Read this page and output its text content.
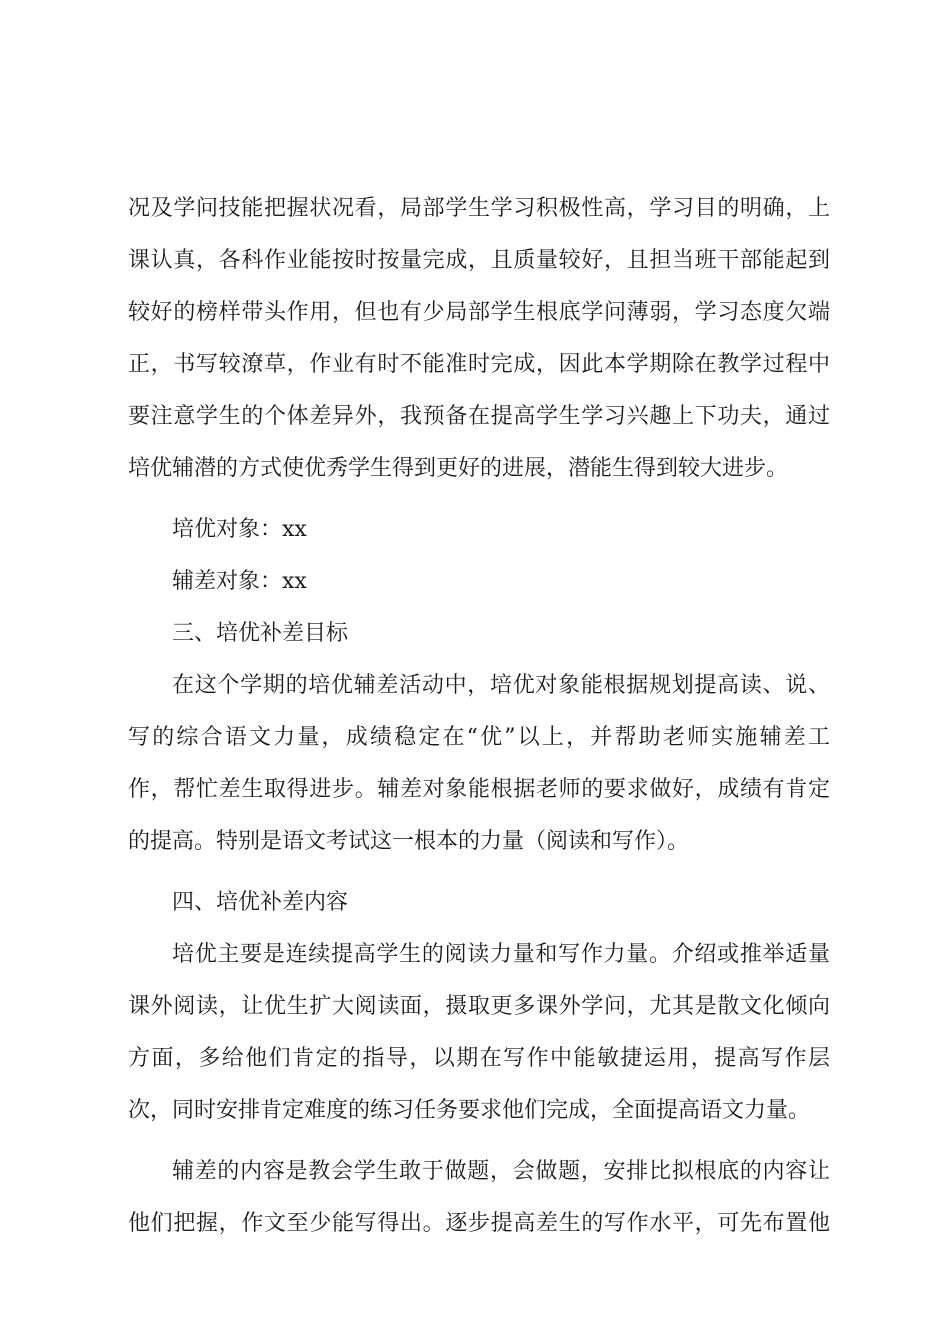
况及学问技能把握状况看，局部学生学习积极性高，学习目的明确，上
课认真，各科作业能按时按量完成，且质量较好，且担当班干部能起到
较好的榜样带头作用，但也有少局部学生根底学问薄弱，学习态度欠端
正，书写较潦草，作业有时不能准时完成，因此本学期除在教学过程中
要注意学生的个体差异外，我预备在提高学生学习兴趣上下功夫，通过
培优辅潜的方式使优秀学生得到更好的进展，潜能生得到较大进步。
培优对象：xx
辅差对象：xx
三、培优补差目标
在这个学期的培优辅差活动中，培优对象能根据规划提高读、说、
写的综合语文力量，成绩稳定在“优”以上，并帮助老师实施辅差工
作，帮忙差生取得进步。辅差对象能根据老师的要求做好，成绩有肯定
的提高。特别是语文考试这一根本的力量（阅读和写作）。
四、培优补差内容
培优主要是连续提高学生的阅读力量和写作力量。介绍或推举适量
课外阅读，让优生扩大阅读面，摄取更多课外学问，尤其是散文化倾向
方面，多给他们肯定的指导，以期在写作中能敏捷运用，提高写作层
次，同时安排肯定难度的练习任务要求他们完成，全面提高语文力量。
辅差的内容是教会学生敢于做题，会做题，安排比拟根底的内容让
他们把握，作文至少能写得出。逐步提高差生的写作水平，可先布置他
